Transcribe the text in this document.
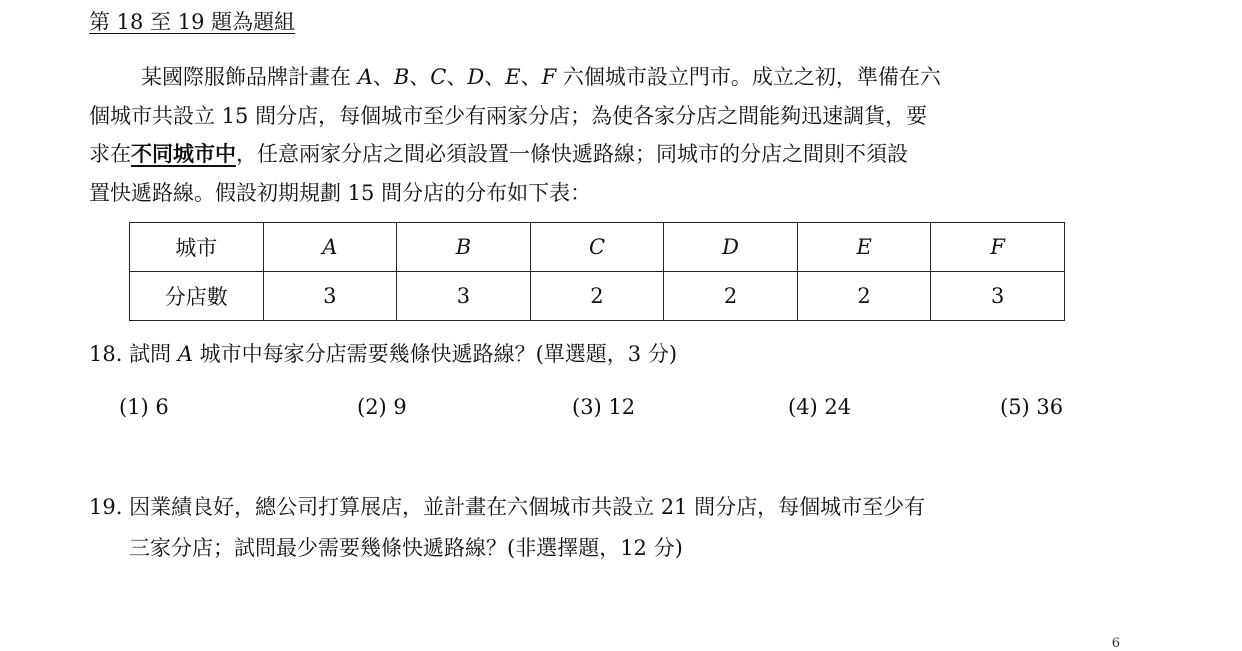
第 18 至 19 題為題組
某國際服飾品牌計畫在 A、B、C、D、E、F 六個城市設立門市。成立之初，準備在六
個城市共設立 15 間分店，每個城市至少有兩家分店；為使各家分店之間能夠迅速調貨，要
求在不同城市中，任意兩家分店之間必須設置一條快遞路線；同城市的分店之間則不須設
置快遞路線。假設初期規劃 15 間分店的分布如下表：
城市	A	B	C	D	E	F
分店數	3	3	2	2	2	3
18. 試問 A 城市中每家分店需要幾條快遞路線？(單選題，3 分)
(1) 6	(2) 9	(3) 12	(4) 24	(5) 36
19. 因業績良好，總公司打算展店，並計畫在六個城市共設立 21 間分店，每個城市至少有
三家分店；試問最少需要幾條快遞路線？(非選擇題，12 分)
6
